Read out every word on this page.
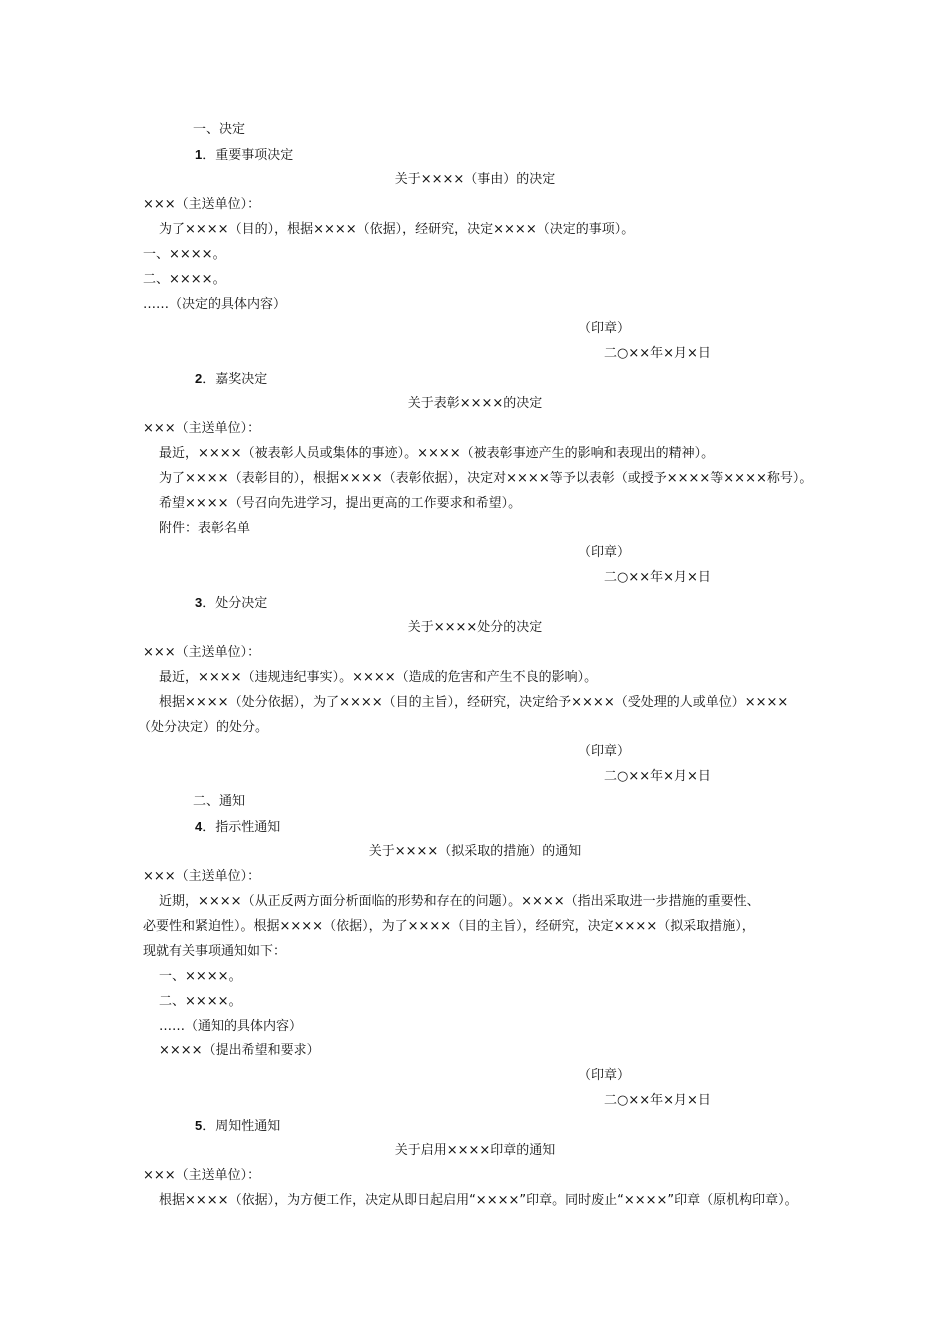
一、决定
1．重要事项决定
关于××××（事由）的决定
×××（主送单位）：
为了××××（目的），根据××××（依据），经研究，决定××××（决定的事项）。
一、××××。
二、××××。
……（决定的具体内容）
（印章）
二○××年×月×日
2．嘉奖决定
关于表彰××××的决定
×××（主送单位）：
最近，××××（被表彰人员或集体的事迹）。××××（被表彰事迹产生的影响和表现出的精神）。
为了××××（表彰目的），根据××××（表彰依据），决定对××××等予以表彰（或授予××××等××××称号）。
希望××××（号召向先进学习，提出更高的工作要求和希望）。
附件：表彰名单
（印章）
二○××年×月×日
3．处分决定
关于××××处分的决定
×××（主送单位）：
最近，××××（违规违纪事实）。××××（造成的危害和产生不良的影响）。
根据××××（处分依据），为了××××（目的主旨），经研究，决定给予××××（受处理的人或单位）××××
（处分决定）的处分。
（印章）
二○××年×月×日
二、通知
4．指示性通知
关于××××（拟采取的措施）的通知
×××（主送单位）：
近期，××××（从正反两方面分析面临的形势和存在的问题）。××××（指出采取进一步措施的重要性、
必要性和紧迫性）。根据××××（依据），为了××××（目的主旨），经研究，决定××××（拟采取措施），
现就有关事项通知如下：
一、××××。
二、××××。
……（通知的具体内容）
××××（提出希望和要求）
（印章）
二○××年×月×日
5．周知性通知
关于启用××××印章的通知
×××（主送单位）：
根据××××（依据），为方便工作，决定从即日起启用“××××”印章。同时废止“××××”印章（原机构印章）。
